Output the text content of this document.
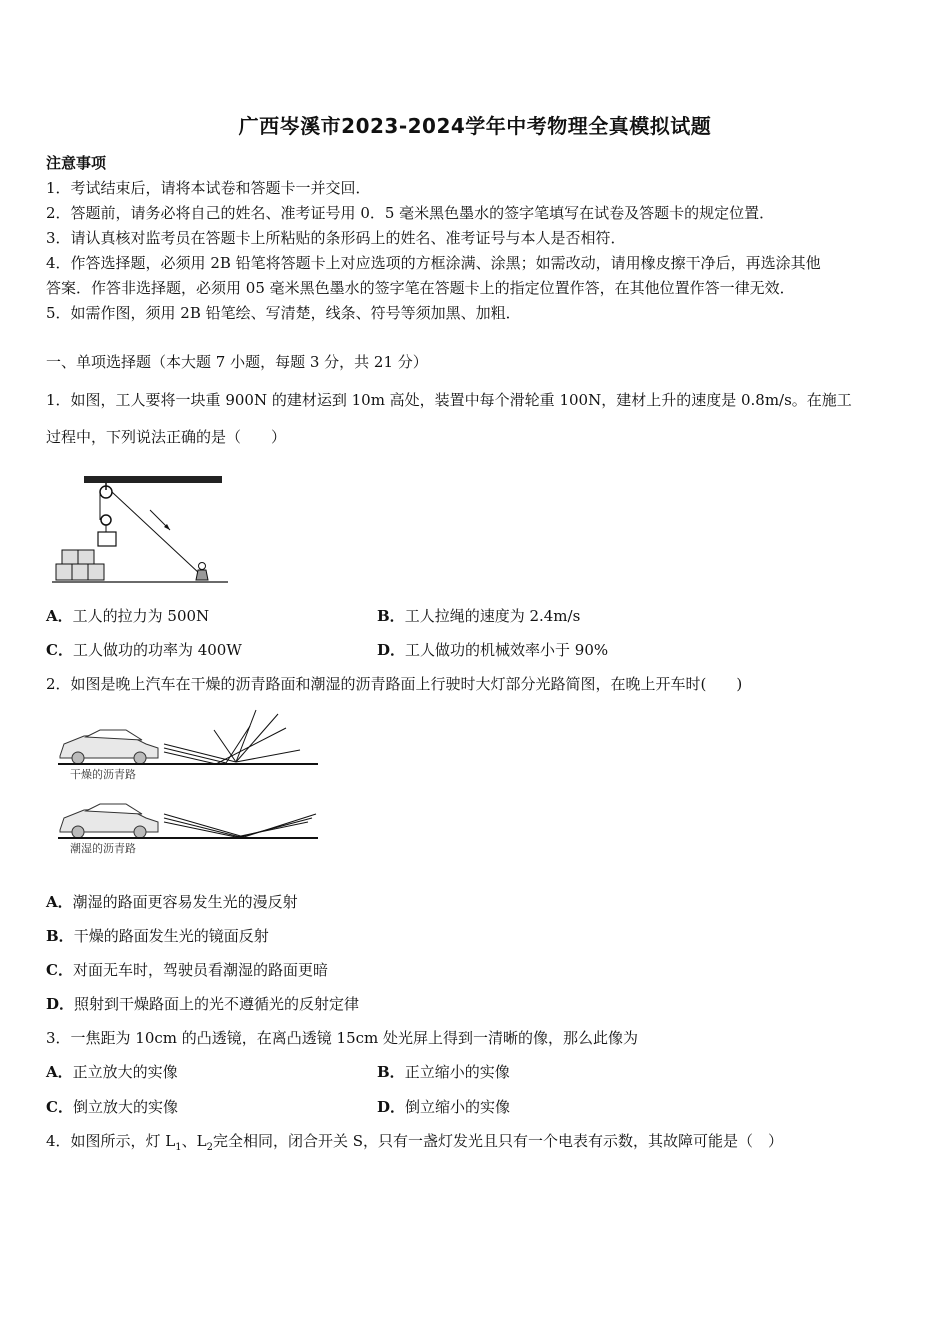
广西岑溪市2023-2024学年中考物理全真模拟试题
注意事项
1．考试结束后，请将本试卷和答题卡一并交回．
2．答题前，请务必将自己的姓名、准考证号用 0．5 毫米黑色墨水的签字笔填写在试卷及答题卡的规定位置．
3．请认真核对监考员在答题卡上所粘贴的条形码上的姓名、准考证号与本人是否相符．
4．作答选择题，必须用 2B 铅笔将答题卡上对应选项的方框涂满、涂黑；如需改动，请用橡皮擦干净后，再选涂其他
答案．作答非选择题，必须用 05 毫米黑色墨水的签字笔在答题卡上的指定位置作答，在其他位置作答一律无效．
5．如需作图，须用 2B 铅笔绘、写清楚，线条、符号等须加黑、加粗．
一、单项选择题（本大题 7 小题，每题 3 分，共 21 分）
1．如图，工人要将一块重 900N 的建材运到 10m 高处，装置中每个滑轮重 100N，建材上升的速度是 0.8m/s。在施工
过程中，下列说法正确的是（　　）
A．工人的拉力为 500N	B．工人拉绳的速度为 2.4m/s
C．工人做功的功率为 400W	D．工人做功的机械效率小于 90%
2．如图是晚上汽车在干燥的沥青路面和潮湿的沥青路面上行驶时大灯部分光路简图，在晚上开车时(　　)
干燥的沥青路
潮湿的沥青路
A．潮湿的路面更容易发生光的漫反射
B．干燥的路面发生光的镜面反射
C．对面无车时，驾驶员看潮湿的路面更暗
D．照射到干燥路面上的光不遵循光的反射定律
3．一焦距为 10cm 的凸透镜，在离凸透镜 15cm 处光屏上得到一清晰的像，那么此像为
A．正立放大的实像	B．正立缩小的实像
C．倒立放大的实像	D．倒立缩小的实像
4．如图所示，灯 $L_1$、$L_2$完全相同，闭合开关 S，只有一盏灯发光且只有一个电表有示数，其故障可能是（　）
